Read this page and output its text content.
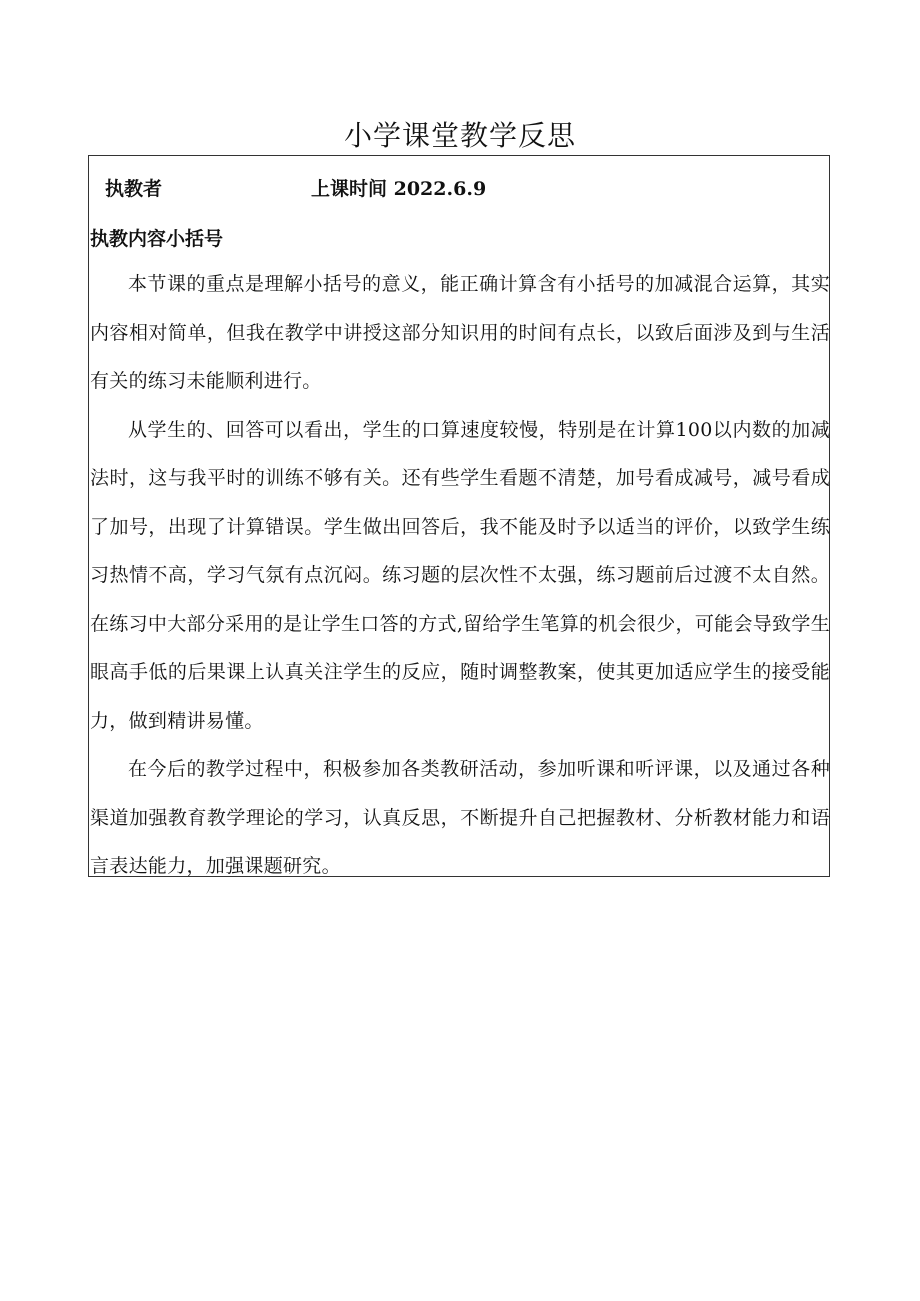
小学课堂教学反思
执教者	上课时间 2022.6.9
执教内容小括号

本节课的重点是理解小括号的意义，能正确计算含有小括号的加减混合运算，其实内容相对简单，但我在教学中讲授这部分知识用的时间有点长，以致后面涉及到与生活有关的练习未能顺利进行。

从学生的、回答可以看出，学生的口算速度较慢，特别是在计算100以内数的加减法时，这与我平时的训练不够有关。还有些学生看题不清楚，加号看成减号，减号看成了加号，出现了计算错误。学生做出回答后，我不能及时予以适当的评价，以致学生练习热情不高，学习气氛有点沉闷。练习题的层次性不太强，练习题前后过渡不太自然。在练习中大部分采用的是让学生口答的方式,留给学生笔算的机会很少，可能会导致学生眼高手低的后果课上认真关注学生的反应，随时调整教案，使其更加适应学生的接受能力，做到精讲易懂。

在今后的教学过程中，积极参加各类教研活动，参加听课和听评课，以及通过各种渠道加强教育教学理论的学习，认真反思，不断提升自己把握教材、分析教材能力和语言表达能力，加强课题研究。
